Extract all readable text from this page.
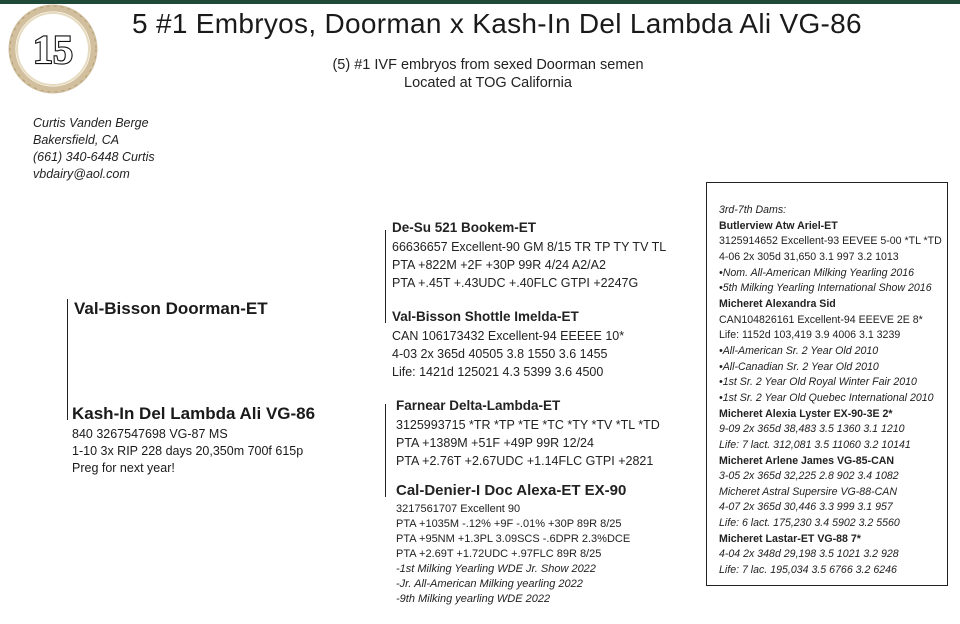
15
5 #1 Embryos, Doorman x Kash-In Del Lambda Ali VG-86
(5) #1 IVF embryos from sexed Doorman semen
Located at TOG California
Curtis Vanden Berge
Bakersfield, CA
(661) 340-6448 Curtis
vbdairy@aol.com
Val-Bisson Doorman-ET
Kash-In Del Lambda Ali VG-86
840 3267547698 VG-87 MS
1-10 3x RIP 228 days 20,350m 700f 615p
Preg for next year!
De-Su 521 Bookem-ET
66636657 Excellent-90 GM 8/15 TR TP TY TV TL
PTA +822M +2F +30P 99R 4/24 A2/A2
PTA +.45T +.43UDC +.40FLC GTPI +2247G
Val-Bisson Shottle Imelda-ET
CAN 106173432 Excellent-94 EEEEE 10*
4-03 2x 365d 40505 3.8 1550 3.6 1455
Life: 1421d 125021 4.3 5399 3.6 4500
Farnear Delta-Lambda-ET
3125993715 *TR *TP *TE *TC *TY *TV *TL *TD
PTA +1389M +51F +49P 99R 12/24
PTA +2.76T +2.67UDC +1.14FLC GTPI +2821
Cal-Denier-I Doc Alexa-ET EX-90
3217561707 Excellent 90
PTA +1035M -.12% +9F -.01% +30P 89R 8/25
PTA +95NM +1.3PL 3.09SCS -.6DPR 2.3%DCE
PTA +2.69T +1.72UDC +.97FLC 89R 8/25
-1st Milking Yearling WDE Jr. Show 2022
-Jr. All-American Milking yearling 2022
-9th Milking yearling WDE 2022
3rd-7th Dams:
Butlerview Atw Ariel-ET
3125914652 Excellent-93 EEVEE 5-00 *TL *TD
4-06 2x 305d 31,650 3.1 997 3.2 1013
•Nom. All-American Milking Yearling 2016
•5th Milking Yearling International Show 2016
Micheret Alexandra Sid
CAN104826161 Excellent-94 EEEVE 2E 8*
Life: 1152d 103,419 3.9 4006 3.1 3239
•All-American Sr. 2 Year Old 2010
•All-Canadian Sr. 2 Year Old 2010
•1st Sr. 2 Year Old Royal Winter Fair 2010
•1st Sr. 2 Year Old Quebec International 2010
Micheret Alexia Lyster EX-90-3E 2*
9-09 2x 365d 38,483 3.5 1360 3.1 1210
Life: 7 lact. 312,081 3.5 11060 3.2 10141
Micheret Arlene James VG-85-CAN
3-05 2x 365d 32,225 2.8 902 3.4 1082
Micheret Astral Supersire VG-88-CAN
4-07 2x 365d 30,446 3.3 999 3.1 957
Life: 6 lact. 175,230 3.4 5902 3.2 5560
Micheret Lastar-ET VG-88 7*
4-04 2x 348d 29,198 3.5 1021 3.2 928
Life: 7 lac. 195,034 3.5 6766 3.2 6246
